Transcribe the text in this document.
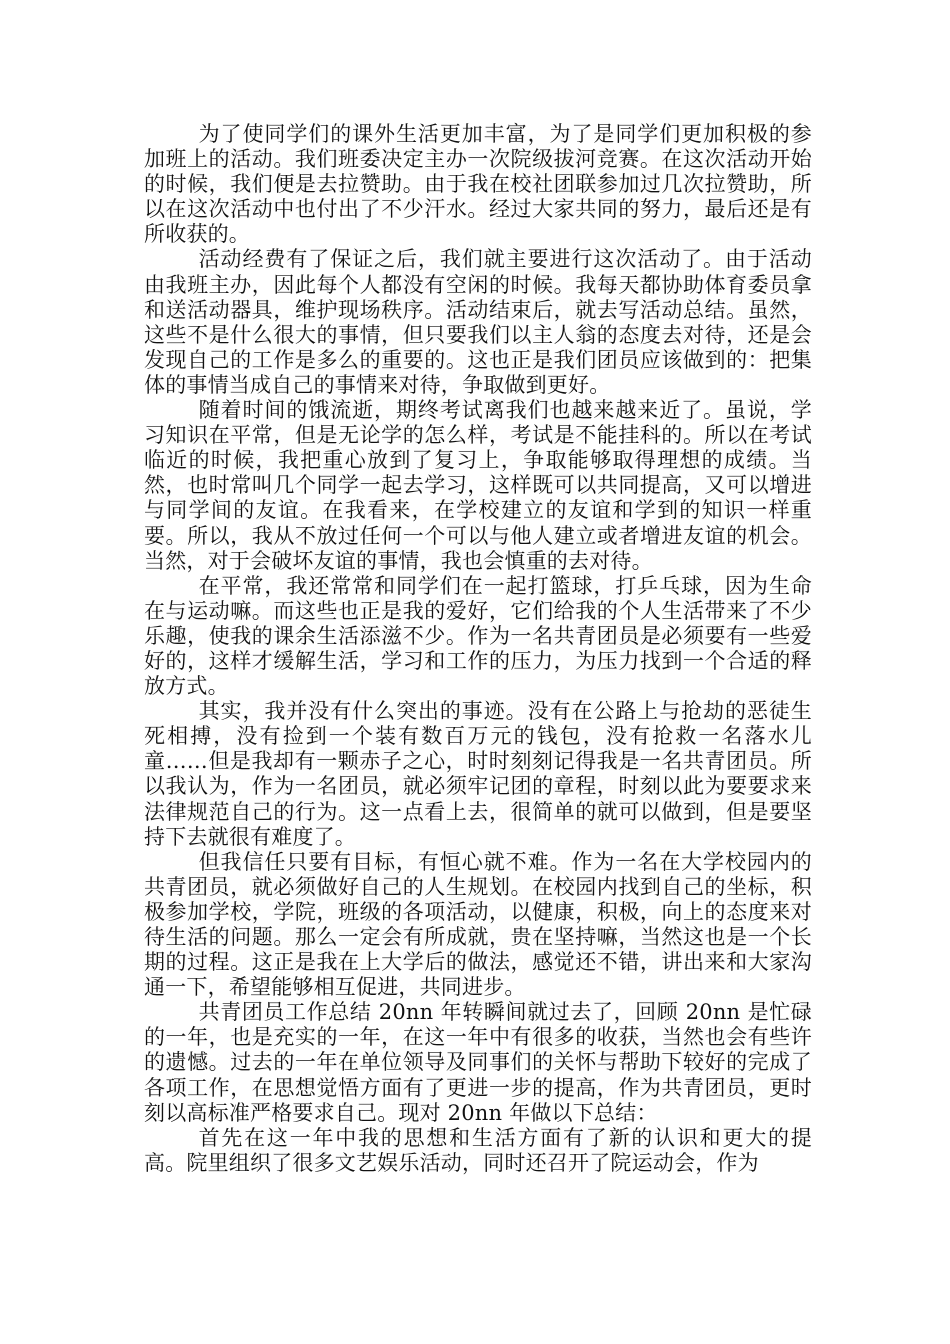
为了使同学们的课外生活更加丰富，为了是同学们更加积极的参加班上的活动。我们班委决定主办一次院级拔河竞赛。在这次活动开始的时候，我们便是去拉赞助。由于我在校社团联参加过几次拉赞助，所以在这次活动中也付出了不少汗水。经过大家共同的努力，最后还是有所收获的。

活动经费有了保证之后，我们就主要进行这次活动了。由于活动由我班主办，因此每个人都没有空闲的时候。我每天都协助体育委员拿和送活动器具，维护现场秩序。活动结束后，就去写活动总结。虽然，这些不是什么很大的事情，但只要我们以主人翁的态度去对待，还是会发现自己的工作是多么的重要的。这也正是我们团员应该做到的：把集体的事情当成自己的事情来对待，争取做到更好。

随着时间的饿流逝，期终考试离我们也越来越来近了。虽说，学习知识在平常，但是无论学的怎么样，考试是不能挂科的。所以在考试临近的时候，我把重心放到了复习上，争取能够取得理想的成绩。当然，也时常叫几个同学一起去学习，这样既可以共同提高，又可以增进与同学间的友谊。在我看来，在学校建立的友谊和学到的知识一样重要。所以，我从不放过任何一个可以与他人建立或者增进友谊的机会。当然，对于会破坏友谊的事情，我也会慎重的去对待。

在平常，我还常常和同学们在一起打篮球，打乒乓球，因为生命在与运动嘛。而这些也正是我的爱好，它们给我的个人生活带来了不少乐趣，使我的课余生活添滋不少。作为一名共青团员是必须要有一些爱好的，这样才缓解生活，学习和工作的压力，为压力找到一个合适的释放方式。

其实，我并没有什么突出的事迹。没有在公路上与抢劫的恶徒生死相搏，没有捡到一个装有数百万元的钱包，没有抢救一名落水儿童……但是我却有一颗赤子之心，时时刻刻记得我是一名共青团员。所以我认为，作为一名团员，就必须牢记团的章程，时刻以此为要要求来法律规范自己的行为。这一点看上去，很简单的就可以做到，但是要坚持下去就很有难度了。

但我信任只要有目标，有恒心就不难。作为一名在大学校园内的共青团员，就必须做好自己的人生规划。在校园内找到自己的坐标，积极参加学校，学院，班级的各项活动，以健康，积极，向上的态度来对待生活的问题。那么一定会有所成就，贵在坚持嘛，当然这也是一个长期的过程。这正是我在上大学后的做法，感觉还不错，讲出来和大家沟通一下，希望能够相互促进，共同进步。

共青团员工作总结 20nn 年转瞬间就过去了，回顾 20nn 是忙碌的一年，也是充实的一年，在这一年中有很多的收获，当然也会有些许的遗憾。过去的一年在单位领导及同事们的关怀与帮助下较好的完成了各项工作，在思想觉悟方面有了更进一步的提高，作为共青团员，更时刻以高标准严格要求自己。现对 20nn 年做以下总结：

首先在这一年中我的思想和生活方面有了新的认识和更大的提高。院里组织了很多文艺娱乐活动，同时还召开了院运动会，作为
